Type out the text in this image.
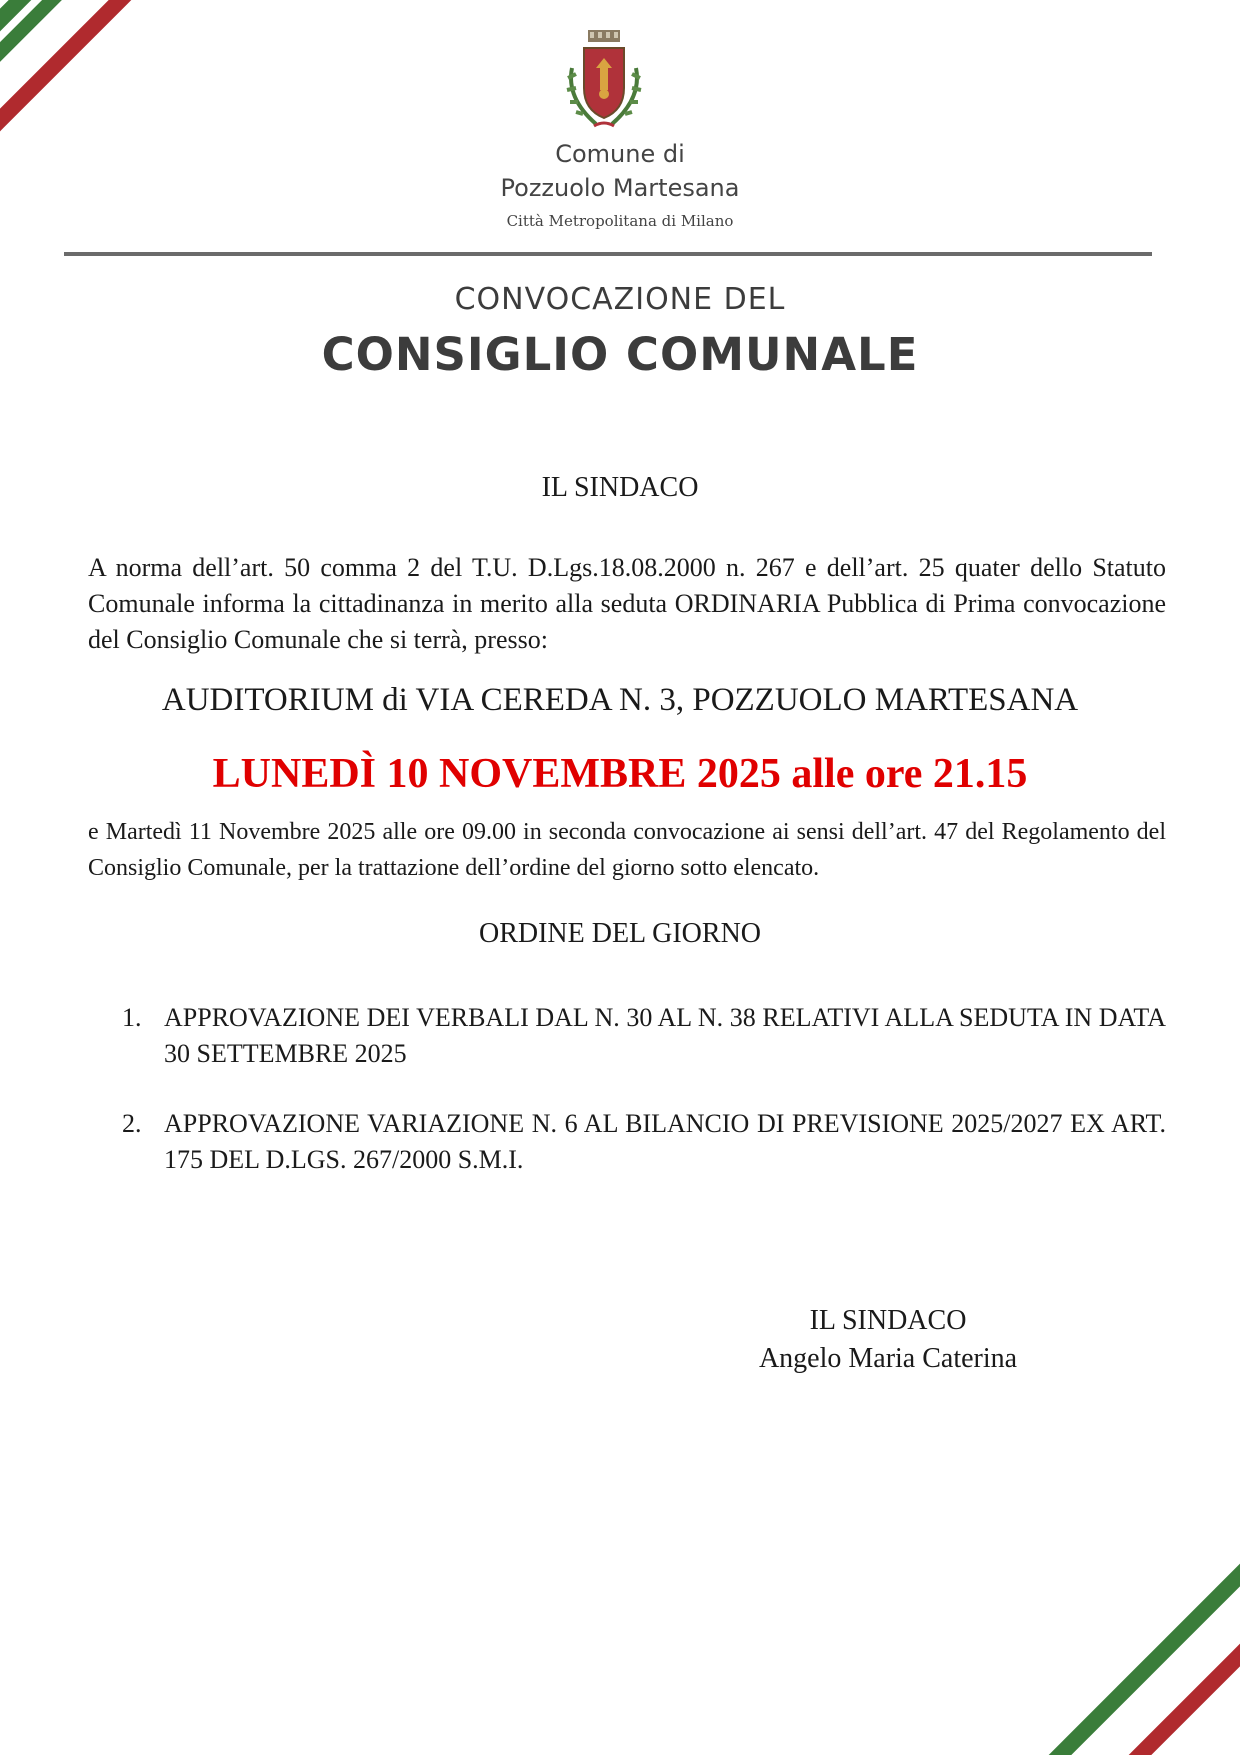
Comune di
Pozzuolo Martesana
Città Metropolitana di Milano
CONVOCAZIONE DEL
CONSIGLIO COMUNALE
IL SINDACO
A norma dell’art. 50 comma 2 del T.U. D.Lgs.18.08.2000 n. 267 e dell’art. 25 quater dello Statuto Comunale informa la cittadinanza in merito alla seduta ORDINARIA Pubblica di Prima convocazione del Consiglio Comunale che si terrà, presso:
AUDITORIUM di VIA CEREDA N. 3, POZZUOLO MARTESANA
LUNEDÌ 10 NOVEMBRE 2025 alle ore 21.15
e Martedì 11 Novembre 2025 alle ore 09.00 in seconda convocazione ai sensi dell’art. 47 del Regolamento del Consiglio Comunale, per la trattazione dell’ordine del giorno sotto elencato.
ORDINE DEL GIORNO
1. APPROVAZIONE DEI VERBALI DAL N. 30 AL N. 38 RELATIVI ALLA SEDUTA IN DATA 30 SETTEMBRE 2025
2. APPROVAZIONE VARIAZIONE N. 6 AL BILANCIO DI PREVISIONE 2025/2027 EX ART. 175 DEL D.LGS. 267/2000 S.M.I.
IL SINDACO
Angelo Maria Caterina
